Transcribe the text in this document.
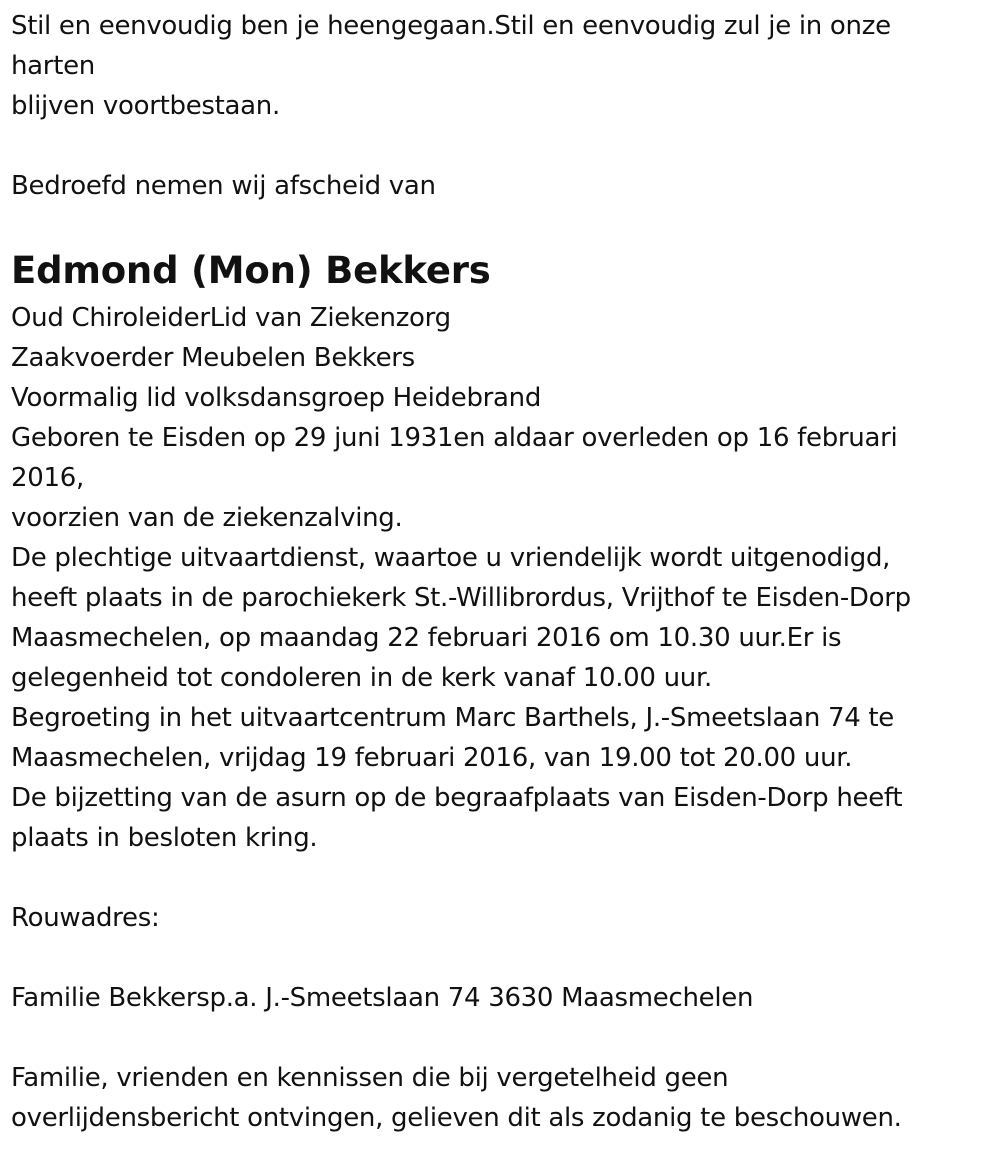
Stil en eenvoudig ben je heengegaan.Stil en eenvoudig zul je in onze
harten
blijven voortbestaan.
Bedroefd nemen wij afscheid van
Edmond (Mon) Bekkers
Oud ChiroleiderLid van Ziekenzorg
Zaakvoerder Meubelen Bekkers
Voormalig lid volksdansgroep Heidebrand
Geboren te Eisden op 29 juni 1931en aldaar overleden op 16 februari
2016,
voorzien van de ziekenzalving.
De plechtige uitvaartdienst, waartoe u vriendelijk wordt uitgenodigd,
heeft plaats in de parochiekerk St.-Willibrordus, Vrijthof te Eisden-Dorp
Maasmechelen, op maandag 22 februari 2016 om 10.30 uur.Er is
gelegenheid tot condoleren in de kerk vanaf 10.00 uur.
Begroeting in het uitvaartcentrum Marc Barthels, J.-Smeetslaan 74 te
Maasmechelen, vrijdag 19 februari 2016, van 19.00 tot 20.00 uur.
De bijzetting van de asurn op de begraafplaats van Eisden-Dorp heeft
plaats in besloten kring.
Rouwadres:
Familie Bekkersp.a. J.-Smeetslaan 74 3630 Maasmechelen
Familie, vrienden en kennissen die bij vergetelheid geen
overlijdensbericht ontvingen, gelieven dit als zodanig te beschouwen.
